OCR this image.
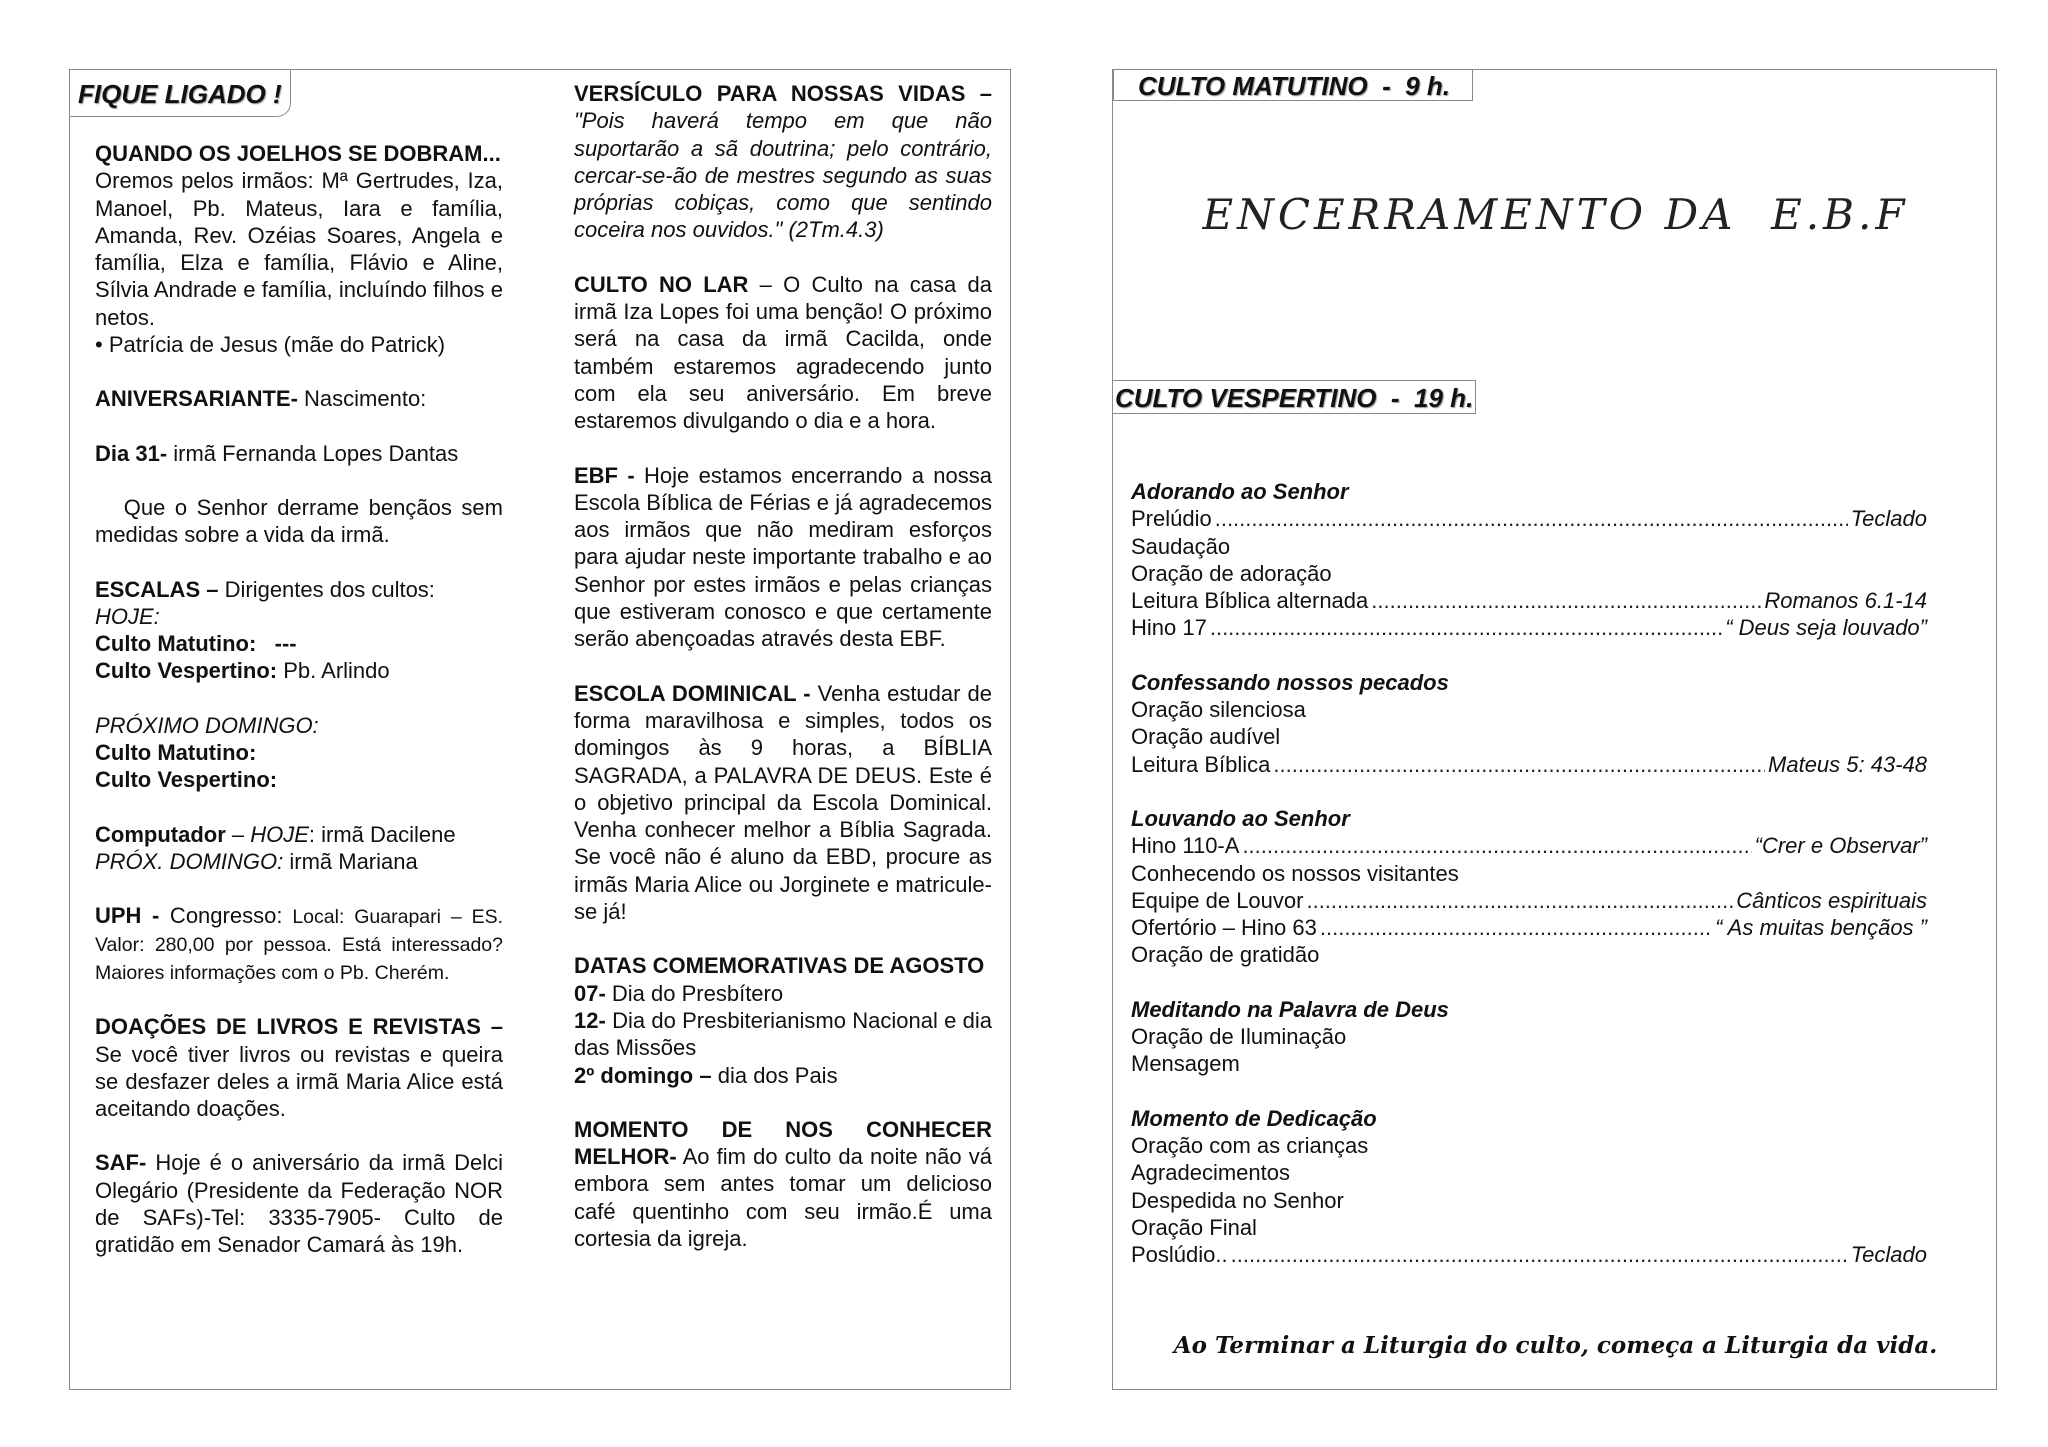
FIQUE LIGADO !

QUANDO OS JOELHOS SE DOBRAM...
Oremos pelos irmãos: Mª Gertrudes, Iza, Manoel, Pb. Mateus, Iara e família, Amanda, Rev. Ozéias Soares, Angela e família, Elza e família, Flávio e Aline, Sílvia Andrade e família, incluíndo filhos e netos.
• Patrícia de Jesus (mãe do Patrick)

ANIVERSARIANTE- Nascimento:

Dia 31- irmã Fernanda Lopes Dantas

Que o Senhor derrame bençãos sem medidas sobre a vida da irmã.

ESCALAS – Dirigentes dos cultos:
HOJE:
Culto Matutino:   ---
Culto Vespertino: Pb. Arlindo

PRÓXIMO DOMINGO:
Culto Matutino:
Culto Vespertino:

Computador – HOJE: irmã Dacilene
PRÓX. DOMINGO: irmã Mariana

UPH - Congresso: Local: Guarapari – ES. Valor: 280,00 por pessoa. Está interessado? Maiores informações com o Pb. Cherém.

DOAÇÕES DE LIVROS E REVISTAS – Se você tiver livros ou revistas e queira se desfazer deles a irmã Maria Alice está aceitando doações.

SAF- Hoje é o aniversário da irmã Delci Olegário (Presidente da Federação NOR de SAFs)-Tel: 3335-7905- Culto de gratidão em Senador Camará às 19h.

VERSÍCULO PARA NOSSAS VIDAS – "Pois haverá tempo em que não suportarão a sã doutrina; pelo contrário, cercar-se-ão de mestres segundo as suas próprias cobiças, como que sentindo coceira nos ouvidos." (2Tm.4.3)

CULTO NO LAR – O Culto na casa da irmã Iza Lopes foi uma benção! O próximo será na casa da irmã Cacilda, onde também estaremos agradecendo junto com ela seu aniversário. Em breve estaremos divulgando o dia e a hora.

EBF - Hoje estamos encerrando a nossa Escola Bíblica de Férias e já agradecemos aos irmãos que não mediram esforços para ajudar neste importante trabalho e ao Senhor por estes irmãos e pelas crianças que estiveram conosco e que certamente serão abençoadas através desta EBF.

ESCOLA DOMINICAL - Venha estudar de forma maravilhosa e simples, todos os domingos às 9 horas, a BÍBLIA SAGRADA, a PALAVRA DE DEUS. Este é o objetivo principal da Escola Dominical. Venha conhecer melhor a Bíblia Sagrada. Se você não é aluno da EBD, procure as irmãs Maria Alice ou Jorginete e matricule-se já!

DATAS COMEMORATIVAS DE AGOSTO
07- Dia do Presbítero
12- Dia do Presbiterianismo Nacional e dia das Missões
2º domingo – dia dos Pais

MOMENTO DE NOS CONHECER MELHOR- Ao fim do culto da noite não vá embora sem antes tomar um delicioso café quentinho com seu irmão.É uma cortesia da igreja.

CULTO MATUTINO  -  9 h.
ENCERRAMENTO DA  E.B.F
CULTO VESPERTINO  -  19 h.
Adorando ao Senhor
Prelúdio .....	Teclado
Saudação
Oração de adoração
Leitura Bíblica alternada .....	Romanos 6.1-14
Hino 17 .....	“ Deus seja louvado”
Confessando nossos pecados
Oração silenciosa
Oração audível
Leitura Bíblica .....	Mateus 5: 43-48
Louvando ao Senhor
Hino 110-A .....	“Crer e Observar”
Conhecendo os nossos visitantes
Equipe de Louvor .....	Cânticos espirituais
Ofertório – Hino 63 .....	“ As muitas bençãos ”
Oração de gratidão
Meditando na Palavra de Deus
Oração de Iluminação
Mensagem
Momento de Dedicação
Oração com as crianças
Agradecimentos
Despedida no Senhor
Oração Final
Poslúdio.. .....	Teclado
Ao Terminar a Liturgia do culto, começa a Liturgia da vida.
